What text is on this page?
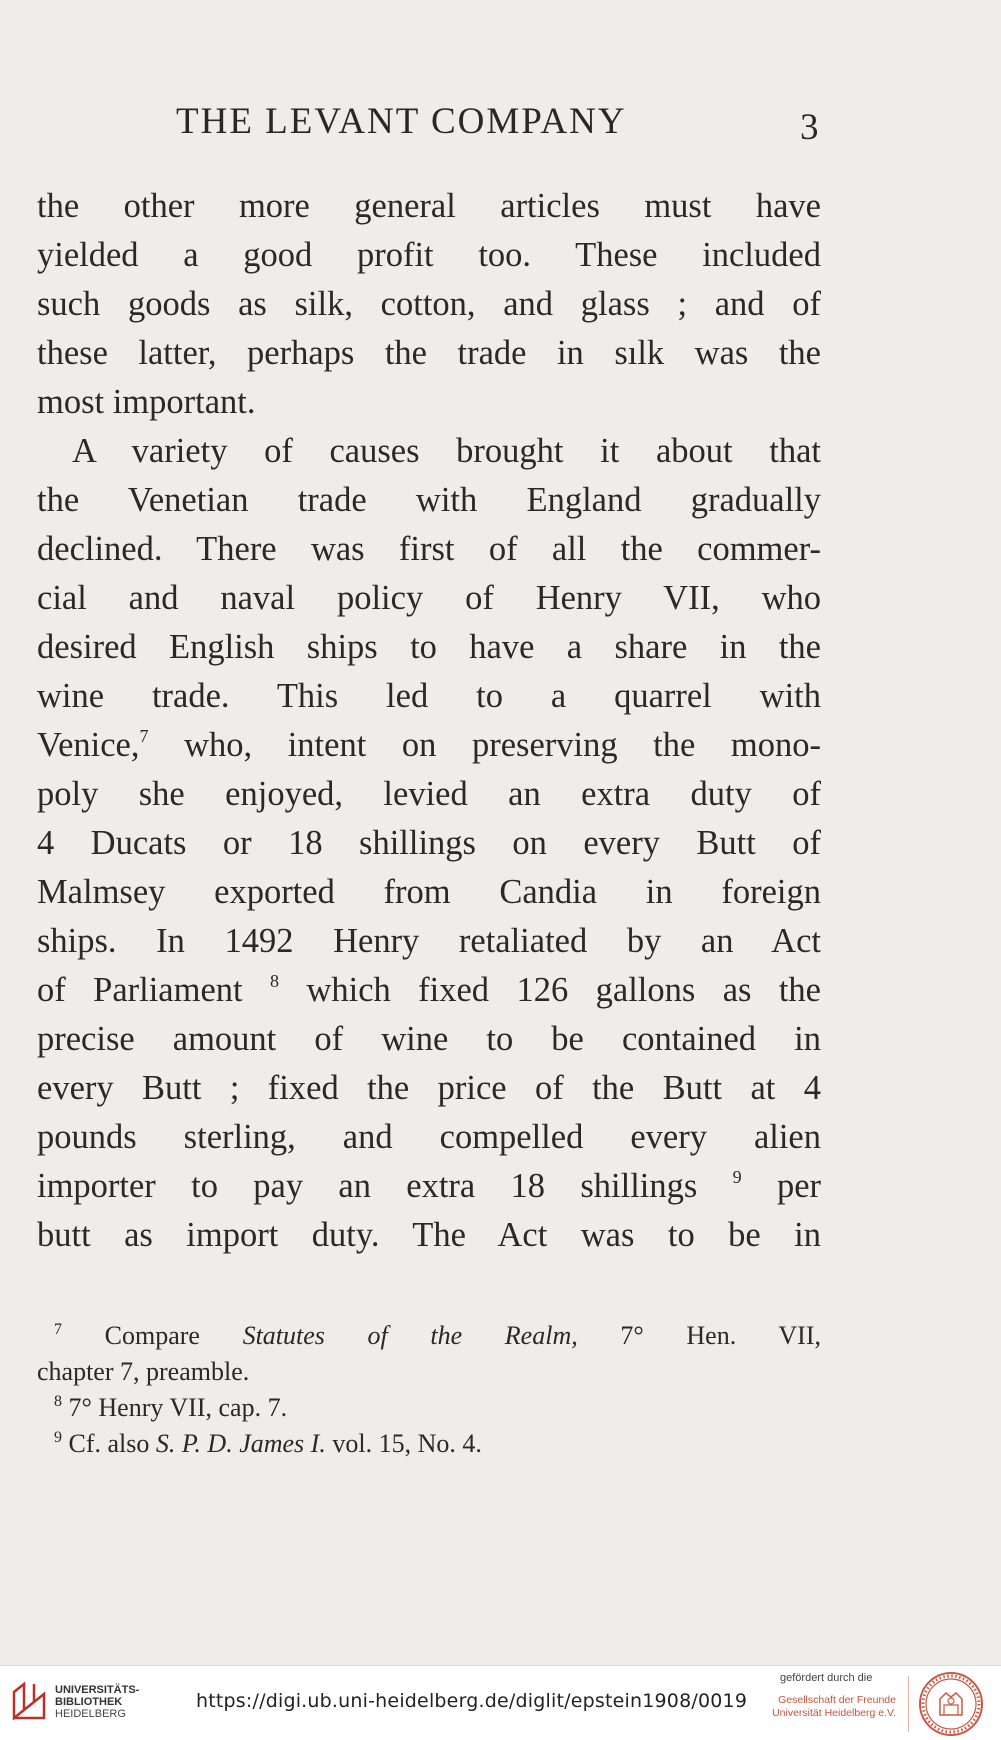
THE LEVANT COMPANY	3
the other more general articles must have
yielded a good profit too. These included
such goods as silk, cotton, and glass ; and of
these latter, perhaps the trade in sılk was the
most important.
A variety of causes brought it about that
the Venetian trade with England gradually
declined. There was first of all the commer-
cial and naval policy of Henry VII, who
desired English ships to have a share in the
wine trade. This led to a quarrel with
Venice,$^7$ who, intent on preserving the mono-
poly she enjoyed, levied an extra duty of
4 Ducats or 18 shillings on every Butt of
Malmsey exported from Candia in foreign
ships. In 1492 Henry retaliated by an Act
of Parliament $^8$ which fixed 126 gallons as the
precise amount of wine to be contained in
every Butt ; fixed the price of the Butt at 4
pounds sterling, and compelled every alien
importer to pay an extra 18 shillings $^9$ per
butt as import duty. The Act was to be in
$^7$ Compare Statutes of the Realm, 7° Hen. VII,
chapter 7, preamble.
$^8$ 7° Henry VII, cap. 7.
$^9$ Cf. also S. P. D. James I. vol. 15, No. 4.
UNIVERSITÄTS-
BIBLIOTHEK
HEIDELBERG
https://digi.ub.uni-heidelberg.de/diglit/epstein1908/0019
gefördert durch die
Gesellschaft der Freunde
Universität Heidelberg e.V.
